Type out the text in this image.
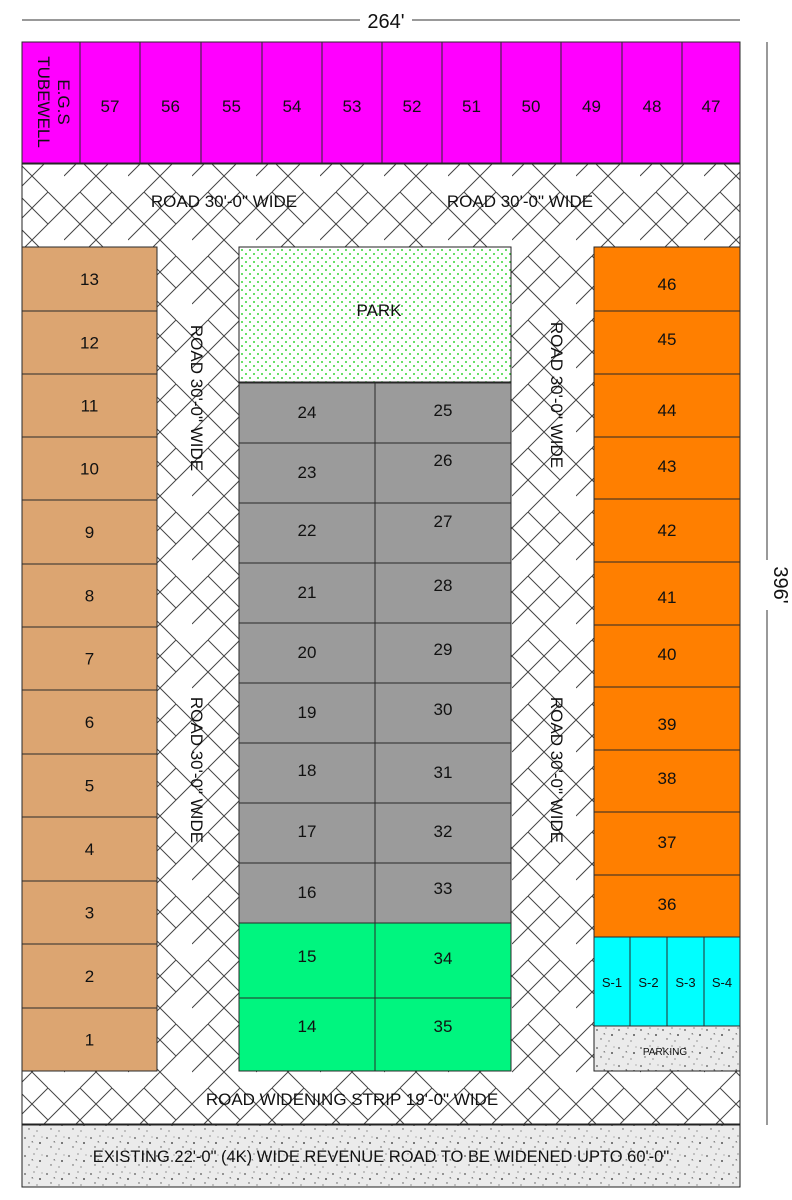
PARK
PARKING
E.G.S
TUBEWELL	57 56 55 54 53 52 51 50 49 48 47
13
12
11
10
9
8
7
6
5
4
3
2
1
24
23
22
21
20
19
18
17
16
15
14
25
26
27
28
29
30
31
32
33
34
35
46
45
44
43
42
41
40
39
38
37
36
S-1 S-2 S-3 S-4
ROAD 30'-0" WIDE	ROAD 30'-0" WIDE
ROAD 30'-0" WIDE
ROAD 30'-0" WIDE
ROAD 30'-0" WIDE
ROAD 30'-0" WIDE
ROAD WIDENING STRIP 19'-0" WIDE
EXISTING 22'-0" (4K) WIDE REVENUE ROAD TO BE WIDENED UPTO 60'-0"
264'
396'
